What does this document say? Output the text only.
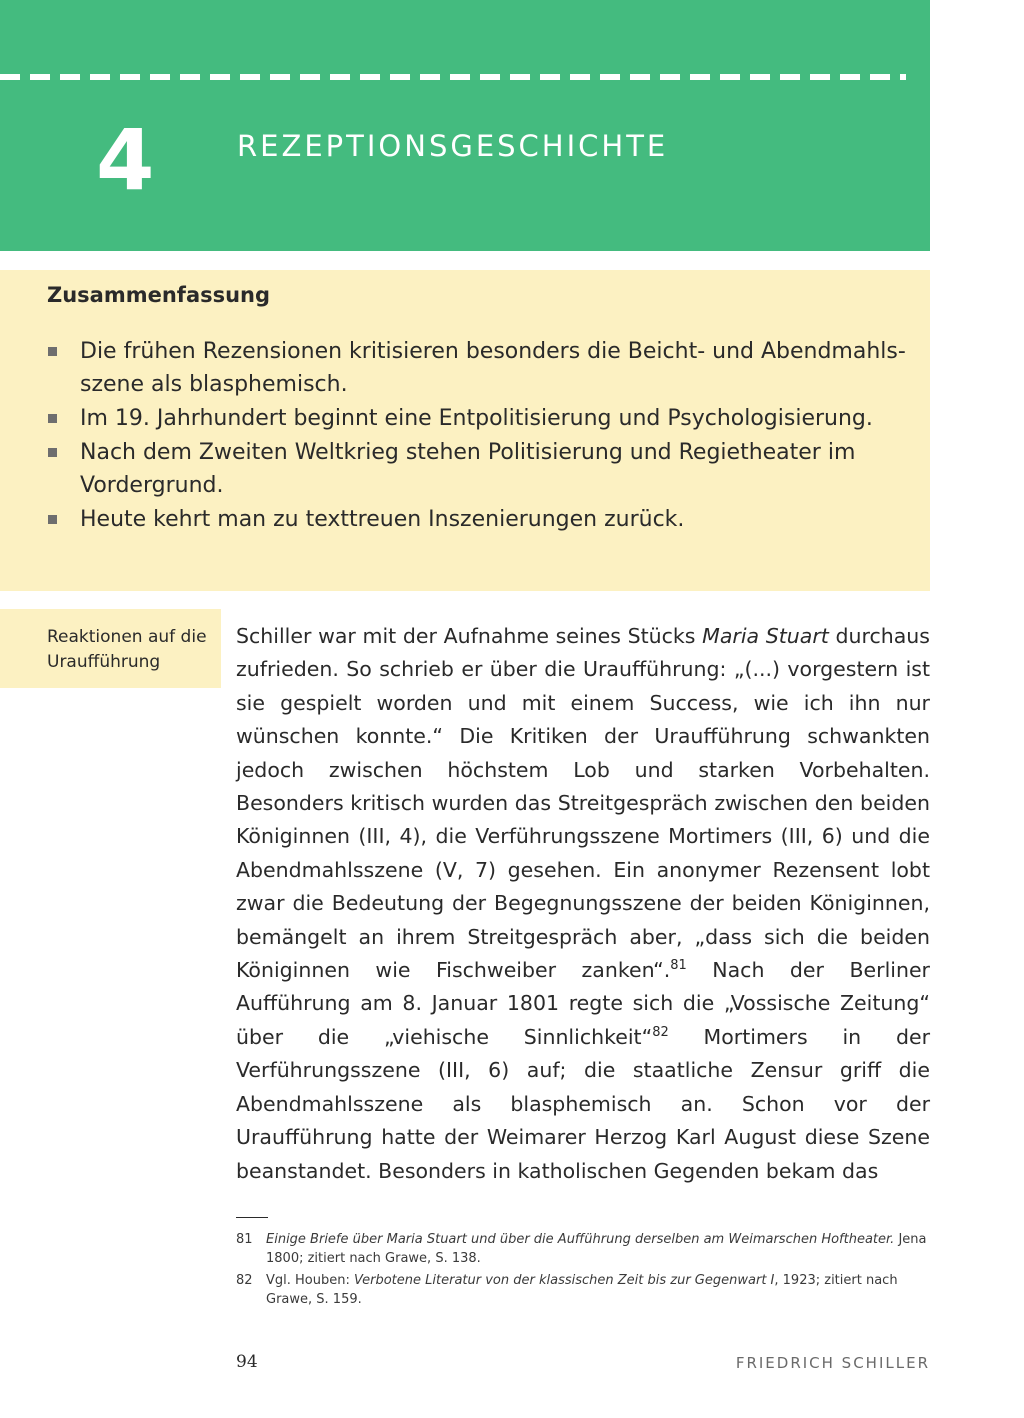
4	REZEPTIONSGESCHICHTE
Zusammenfassung
Die frühen Rezensionen kritisieren besonders die Beicht- und Abendmahlsszene als blasphemisch.
Im 19. Jahrhundert beginnt eine Entpolitisierung und Psychologisierung.
Nach dem Zweiten Weltkrieg stehen Politisierung und Regietheater im Vordergrund.
Heute kehrt man zu texttreuen Inszenierungen zurück.
Reaktionen auf die Uraufführung
Schiller war mit der Aufnahme seines Stücks Maria Stuart durchaus zufrieden. So schrieb er über die Uraufführung: „(...) vorgestern ist sie gespielt worden und mit einem Success, wie ich ihn nur wünschen konnte.“ Die Kritiken der Uraufführung schwankten jedoch zwischen höchstem Lob und starken Vorbehalten. Besonders kritisch wurden das Streitgespräch zwischen den beiden Königinnen (III, 4), die Verführungsszene Mortimers (III, 6) und die Abendmahlsszene (V, 7) gesehen. Ein anonymer Rezensent lobt zwar die Bedeutung der Begegnungsszene der beiden Königinnen, bemängelt an ihrem Streitgespräch aber, „dass sich die beiden Königinnen wie Fischweiber zanken“.$^{81}$ Nach der Berliner Aufführung am 8. Januar 1801 regte sich die „Vossische Zeitung“ über die „viehische Sinnlichkeit“$^{82}$ Mortimers in der Verführungsszene (III, 6) auf; die staatliche Zensur griff die Abendmahlsszene als blasphemisch an. Schon vor der Uraufführung hatte der Weimarer Herzog Karl August diese Szene beanstandet. Besonders in katholischen Gegenden bekam das
81 Einige Briefe über Maria Stuart und über die Aufführung derselben am Weimarschen Hoftheater. Jena 1800; zitiert nach Grawe, S. 138.
82 Vgl. Houben: Verbotene Literatur von der klassischen Zeit bis zur Gegenwart I, 1923; zitiert nach Grawe, S. 159.
94	FRIEDRICH SCHILLER
